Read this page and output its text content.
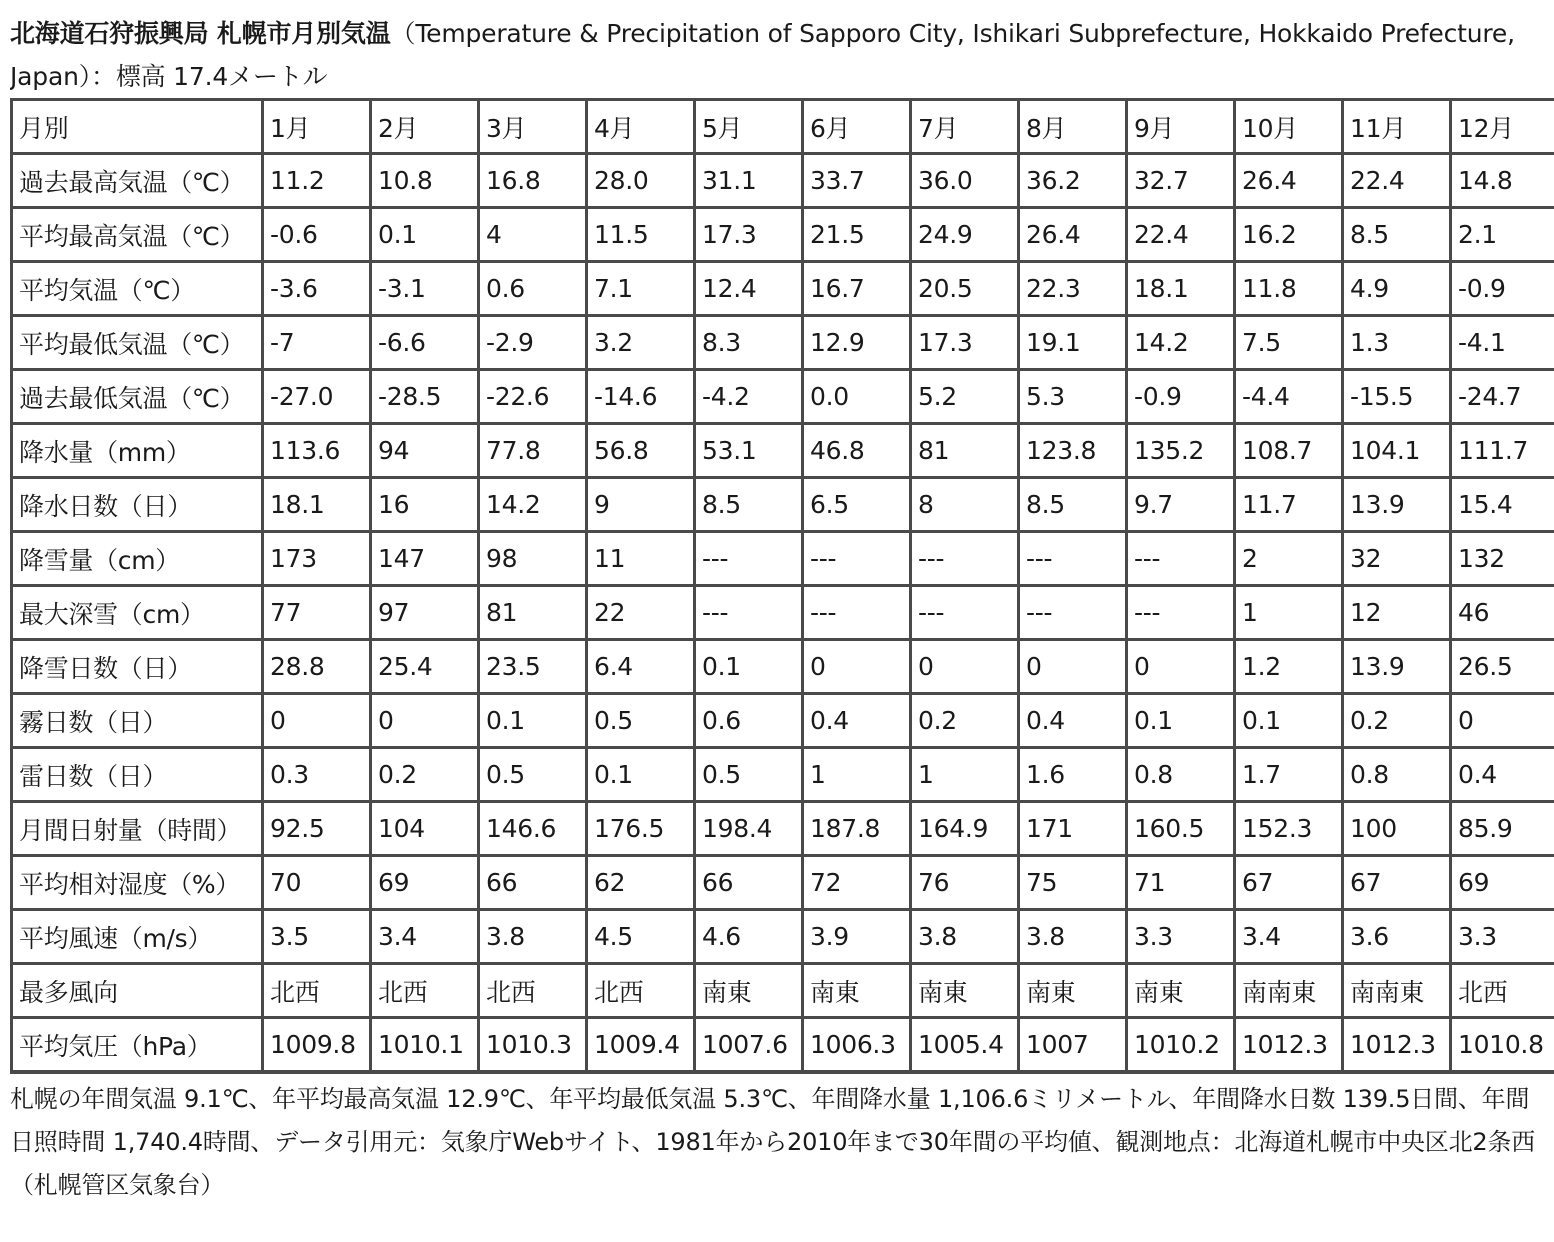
北海道石狩振興局 札幌市月別気温（Temperature & Precipitation of Sapporo City, Ishikari Subprefecture, Hokkaido Prefecture, Japan）：標高 17.4メートル

月別	1月	2月	3月	4月	5月	6月	7月	8月	9月	10月	11月	12月
過去最高気温（℃）	11.2	10.8	16.8	28.0	31.1	33.7	36.0	36.2	32.7	26.4	22.4	14.8
平均最高気温（℃）	-0.6	0.1	4	11.5	17.3	21.5	24.9	26.4	22.4	16.2	8.5	2.1
平均気温（℃）	-3.6	-3.1	0.6	7.1	12.4	16.7	20.5	22.3	18.1	11.8	4.9	-0.9
平均最低気温（℃）	-7	-6.6	-2.9	3.2	8.3	12.9	17.3	19.1	14.2	7.5	1.3	-4.1
過去最低気温（℃）	-27.0	-28.5	-22.6	-14.6	-4.2	0.0	5.2	5.3	-0.9	-4.4	-15.5	-24.7
降水量（mm）	113.6	94	77.8	56.8	53.1	46.8	81	123.8	135.2	108.7	104.1	111.7
降水日数（日）	18.1	16	14.2	9	8.5	6.5	8	8.5	9.7	11.7	13.9	15.4
降雪量（cm）	173	147	98	11	---	---	---	---	---	2	32	132
最大深雪（cm）	77	97	81	22	---	---	---	---	---	1	12	46
降雪日数（日）	28.8	25.4	23.5	6.4	0.1	0	0	0	0	1.2	13.9	26.5
霧日数（日）	0	0	0.1	0.5	0.6	0.4	0.2	0.4	0.1	0.1	0.2	0
雷日数（日）	0.3	0.2	0.5	0.1	0.5	1	1	1.6	0.8	1.7	0.8	0.4
月間日射量（時間）	92.5	104	146.6	176.5	198.4	187.8	164.9	171	160.5	152.3	100	85.9
平均相対湿度（%）	70	69	66	62	66	72	76	75	71	67	67	69
平均風速（m/s）	3.5	3.4	3.8	4.5	4.6	3.9	3.8	3.8	3.3	3.4	3.6	3.3
最多風向	北西	北西	北西	北西	南東	南東	南東	南東	南東	南南東	南南東	北西
平均気圧（hPa）	1009.8	1010.1	1010.3	1009.4	1007.6	1006.3	1005.4	1007	1010.2	1012.3	1012.3	1010.8

札幌の年間気温 9.1℃、年平均最高気温 12.9℃、年平均最低気温 5.3℃、年間降水量 1,106.6ミリメートル、年間降水日数 139.5日間、年間日照時間 1,740.4時間、データ引用元：気象庁Webサイト、1981年から2010年まで30年間の平均値、観測地点：北海道札幌市中央区北2条西（札幌管区気象台）
